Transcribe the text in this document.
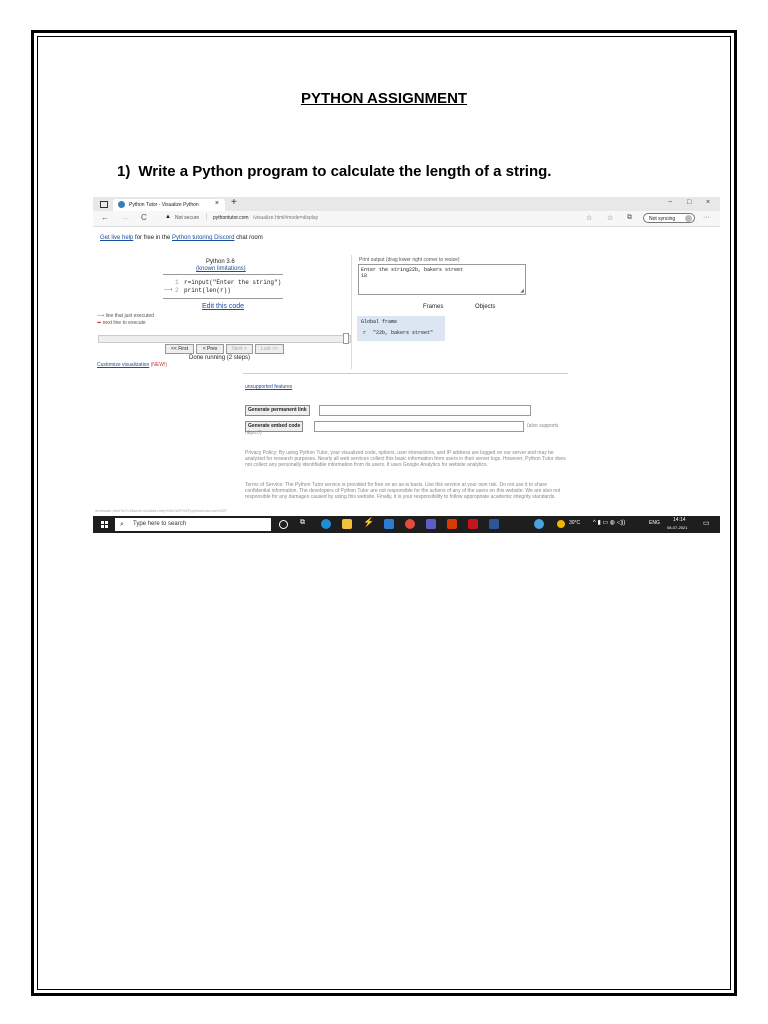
PYTHON ASSIGNMENT
1) Write a Python program to calculate the length of a string.
Python Tutor - Visualize Python × +	− □ ×
← → C	▲ Not secure | pythontutor.com /visualize.html#mode=display	☆ ☆ ⧉	Not syncing	···
Get live help for free in the Python tutoring Discord chat room
Python 3.6
(known limitations)
1 r=input("Enter the string")
⟶ 2 print(len(r))
Edit this code
⟶ line that just executed
➡ next line to execute
<< First	< Prev	Next >	Last >>
Done running (2 steps)
Customize visualization (NEW!)
Print output (drag lower right corner to resize)
Enter the string22b, bakers street
18
◢
Frames	Objects
Global frame
r "22b, bakers street"
unsupported features
Generate permanent link
Generate embed code	(also supports
https://)
Privacy Policy: By using Python Tutor, your visualized code, options, user interactions, and IP address are logged on our server and may be analyzed for research purposes. Nearly all web services collect this basic information from users in their server logs. However, Python Tutor does not collect any personally identifiable information from its users. It uses Google Analytics for website analytics.
Terms of Service: The Python Tutor service is provided for free on an as-is basis. Use this service at your own risk. Do not use it to share confidential information. The developers of Python Tutor are not responsible for the actions of any of the users on this website. We are also not responsible for any damages caused by using this website. Finally, it is your responsibility to follow appropriate academic integrity standards.
/translate.html?lx?=f3aerk=x/k&kfa=http%3A%2F%2Fpythontutor.com%2F
⌕ Type here to search	⧉	⚡	30°C ^ ▮ ▭ ◍ ◁))	ENG	14:14
08-07-2021
▭
